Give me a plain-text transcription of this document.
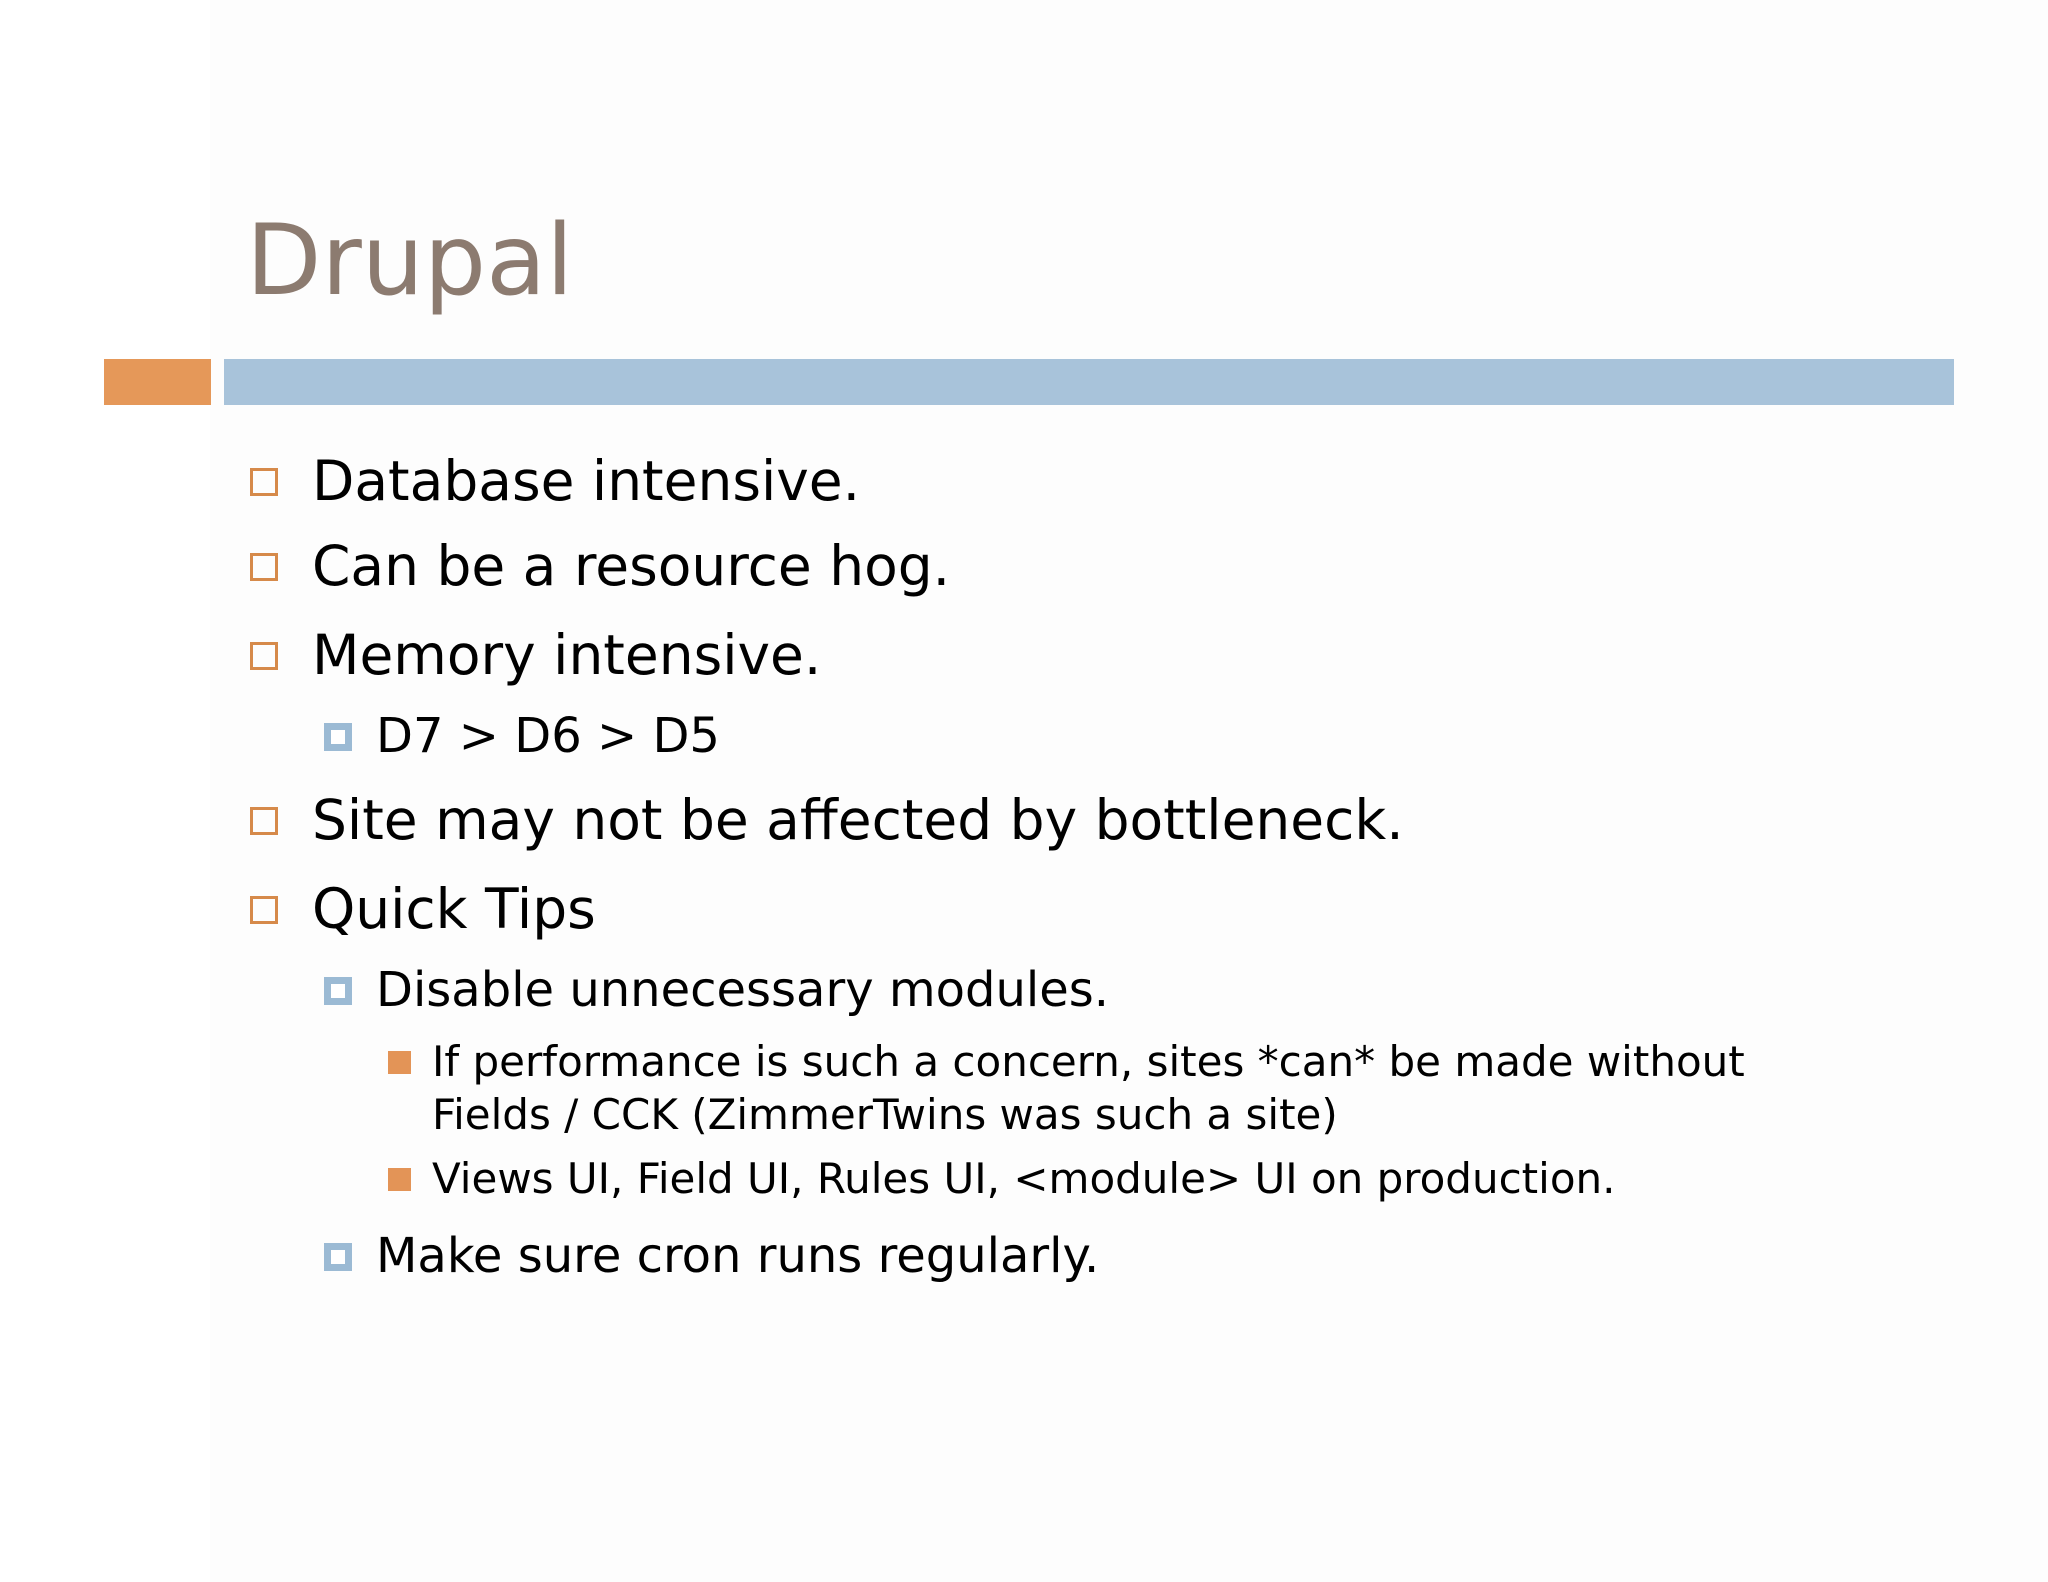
Drupal
Database intensive.
Can be a resource hog.
Memory intensive.
D7 > D6 > D5
Site may not be affected by bottleneck.
Quick Tips
Disable unnecessary modules.
If performance is such a concern, sites *can* be made without
Fields / CCK (ZimmerTwins was such a site)
Views UI, Field UI, Rules UI, <module> UI on production.
Make sure cron runs regularly.
